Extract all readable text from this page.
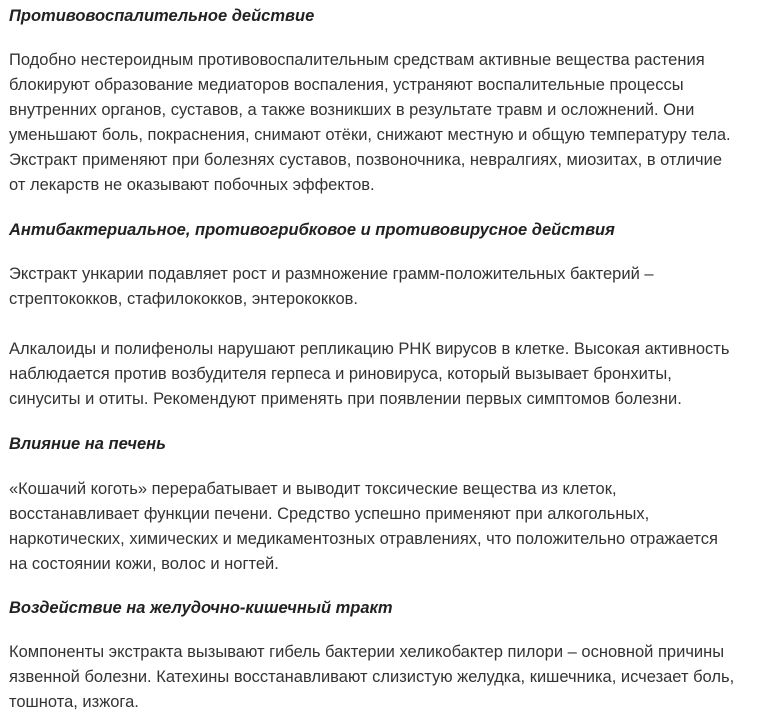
Противовоспалительное действие

Подобно нестероидным противовоспалительным средствам активные вещества растения
блокируют образование медиаторов воспаления, устраняют воспалительные процессы
внутренних органов, суставов, а также возникших в результате травм и осложнений. Они
уменьшают боль, покраснения, снимают отёки, снижают местную и общую температуру тела.
Экстракт применяют при болезнях суставов, позвоночника, невралгиях, миозитах, в отличие
от лекарств не оказывают побочных эффектов.

Антибактериальное, противогрибковое и противовирусное действия

Экстракт ункарии подавляет рост и размножение грамм-положительных бактерий –
стрептококков, стафилококков, энтерококков.

Алкалоиды и полифенолы нарушают репликацию РНК вирусов в клетке. Высокая активность
наблюдается против возбудителя герпеса и риновируса, который вызывает бронхиты,
синуситы и отиты. Рекомендуют применять при появлении первых симптомов болезни.

Влияние на печень

«Кошачий коготь» перерабатывает и выводит токсические вещества из клеток,
восстанавливает функции печени. Средство успешно применяют при алкогольных,
наркотических, химических и медикаментозных отравлениях, что положительно отражается
на состоянии кожи, волос и ногтей.

Воздействие на желудочно-кишечный тракт

Компоненты экстракта вызывают гибель бактерии хеликобактер пилори – основной причины
язвенной болезни. Катехины восстанавливают слизистую желудка, кишечника, исчезает боль,
тошнота, изжога.
